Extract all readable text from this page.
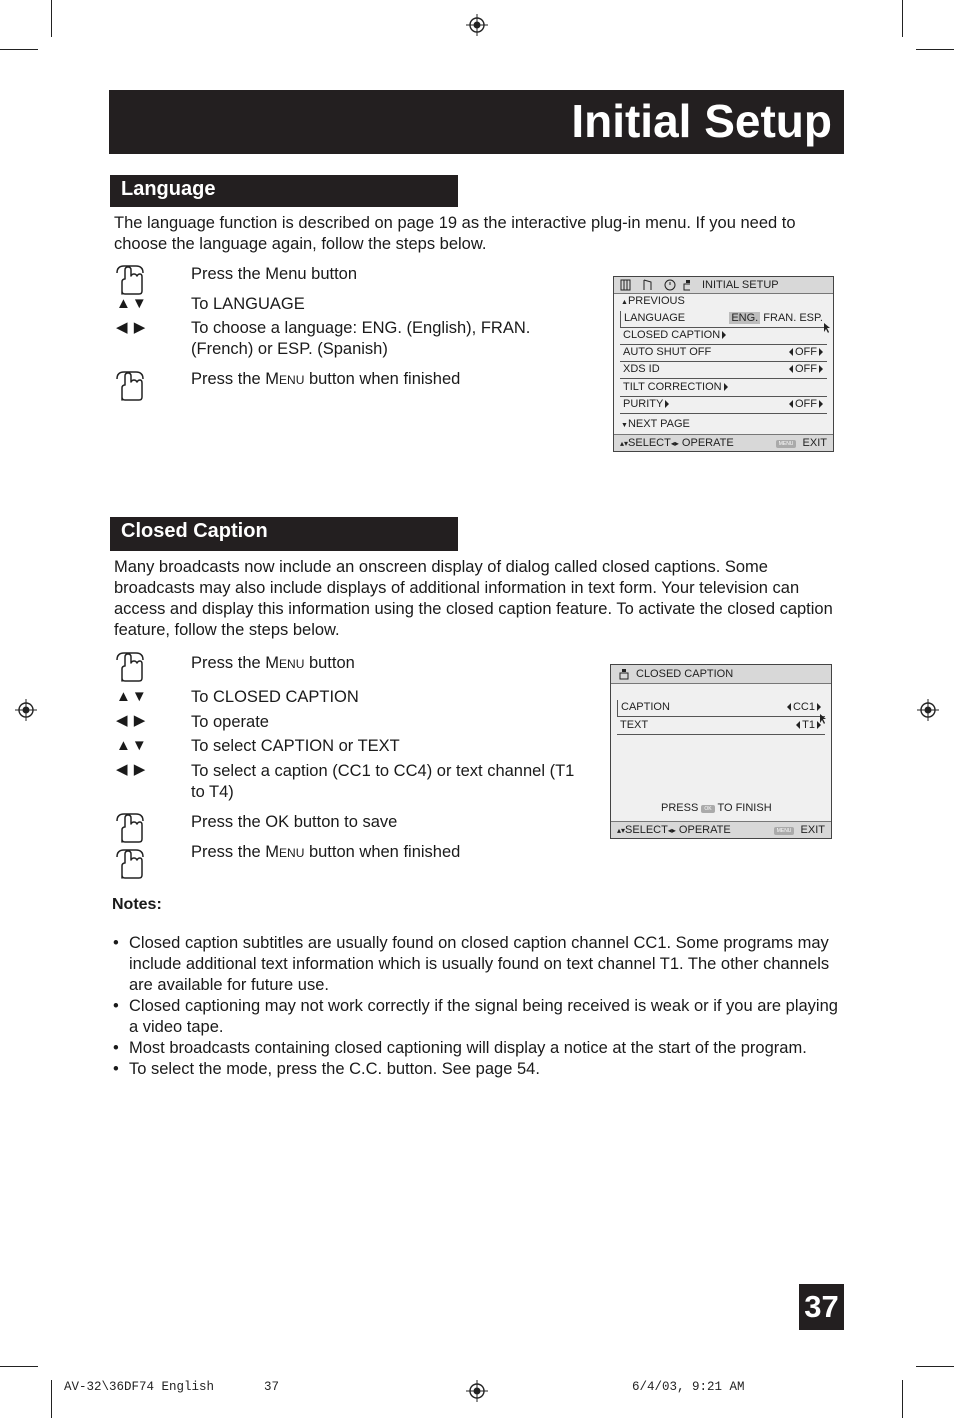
Initial Setup
Language

The language function is described on page 19 as the interactive plug-in menu. If you need to choose the language again, follow the steps below.

Press the Menu button

▲▼	To LANGUAGE

◀ ▶	To choose a language: ENG. (English), FRAN. (French) or ESP. (Spanish)

Press the Menu button when finished

INITIAL SETUP
▲PREVIOUS
LANGUAGE	ENG. FRAN. ESP.
CLOSED CAPTION
AUTO SHUT OFF	OFF
XDS ID	OFF
TILT CORRECTION
PURITY	OFF
▼NEXT PAGE
▴▾SELECT◂▸ OPERATE	MENU EXIT
Closed Caption

Many broadcasts now include an onscreen display of dialog called closed captions. Some broadcasts may also include displays of additional information in text form. Your television can access and display this information using the closed caption feature. To activate the closed caption feature, follow the steps below.

Press the Menu button

▲▼	To CLOSED CAPTION

◀ ▶	To operate

▲▼	To select CAPTION or TEXT

◀ ▶	To select a caption (CC1 to CC4) or text channel (T1 to T4)

Press the OK button to save

Press the Menu button when finished

CLOSED CAPTION
CAPTION	CC1
TEXT	T1
PRESS OK TO FINISH
▴▾SELECT◂▸ OPERATE	MENU EXIT

Notes:

• Closed caption subtitles are usually found on closed caption channel CC1. Some programs may include additional text information which is usually found on text channel T1. The other channels are available for future use.
• Closed captioning may not work correctly if the signal being received is weak or if you are playing a video tape.
• Most broadcasts containing closed captioning will display a notice at the start of the program.
• To select the mode, press the C.C. button. See page 54.
37
AV-32\36DF74 English	37	6/4/03, 9:21 AM
